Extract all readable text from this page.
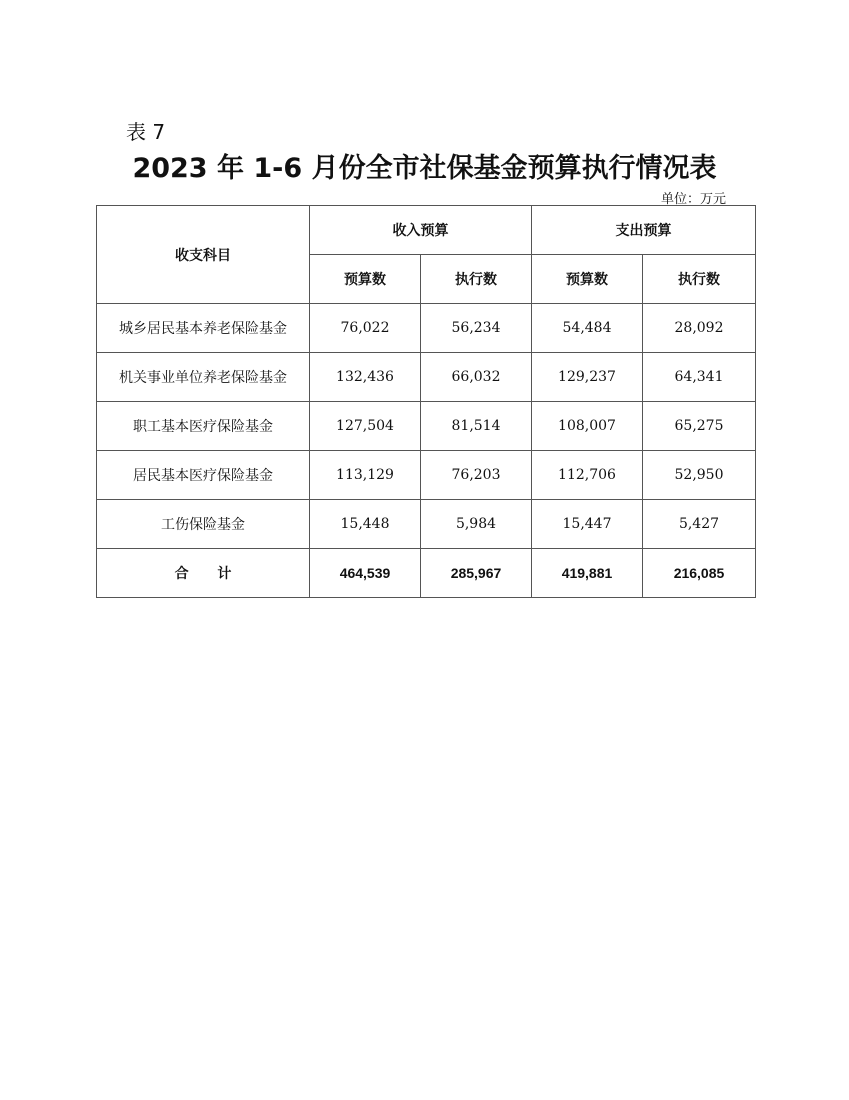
表 7
2023 年 1-6 月份全市社保基金预算执行情况表
单位：万元
收支科目	收入预算		支出预算	
	预算数	执行数	预算数	执行数
城乡居民基本养老保险基金	76,022	56,234	54,484	28,092
机关事业单位养老保险基金	132,436	66,032	129,237	64,341
职工基本医疗保险基金	127,504	81,514	108,007	65,275
居民基本医疗保险基金	113,129	76,203	112,706	52,950
工伤保险基金	15,448	5,984	15,447	5,427
合 计	464,539	285,967	419,881	216,085
